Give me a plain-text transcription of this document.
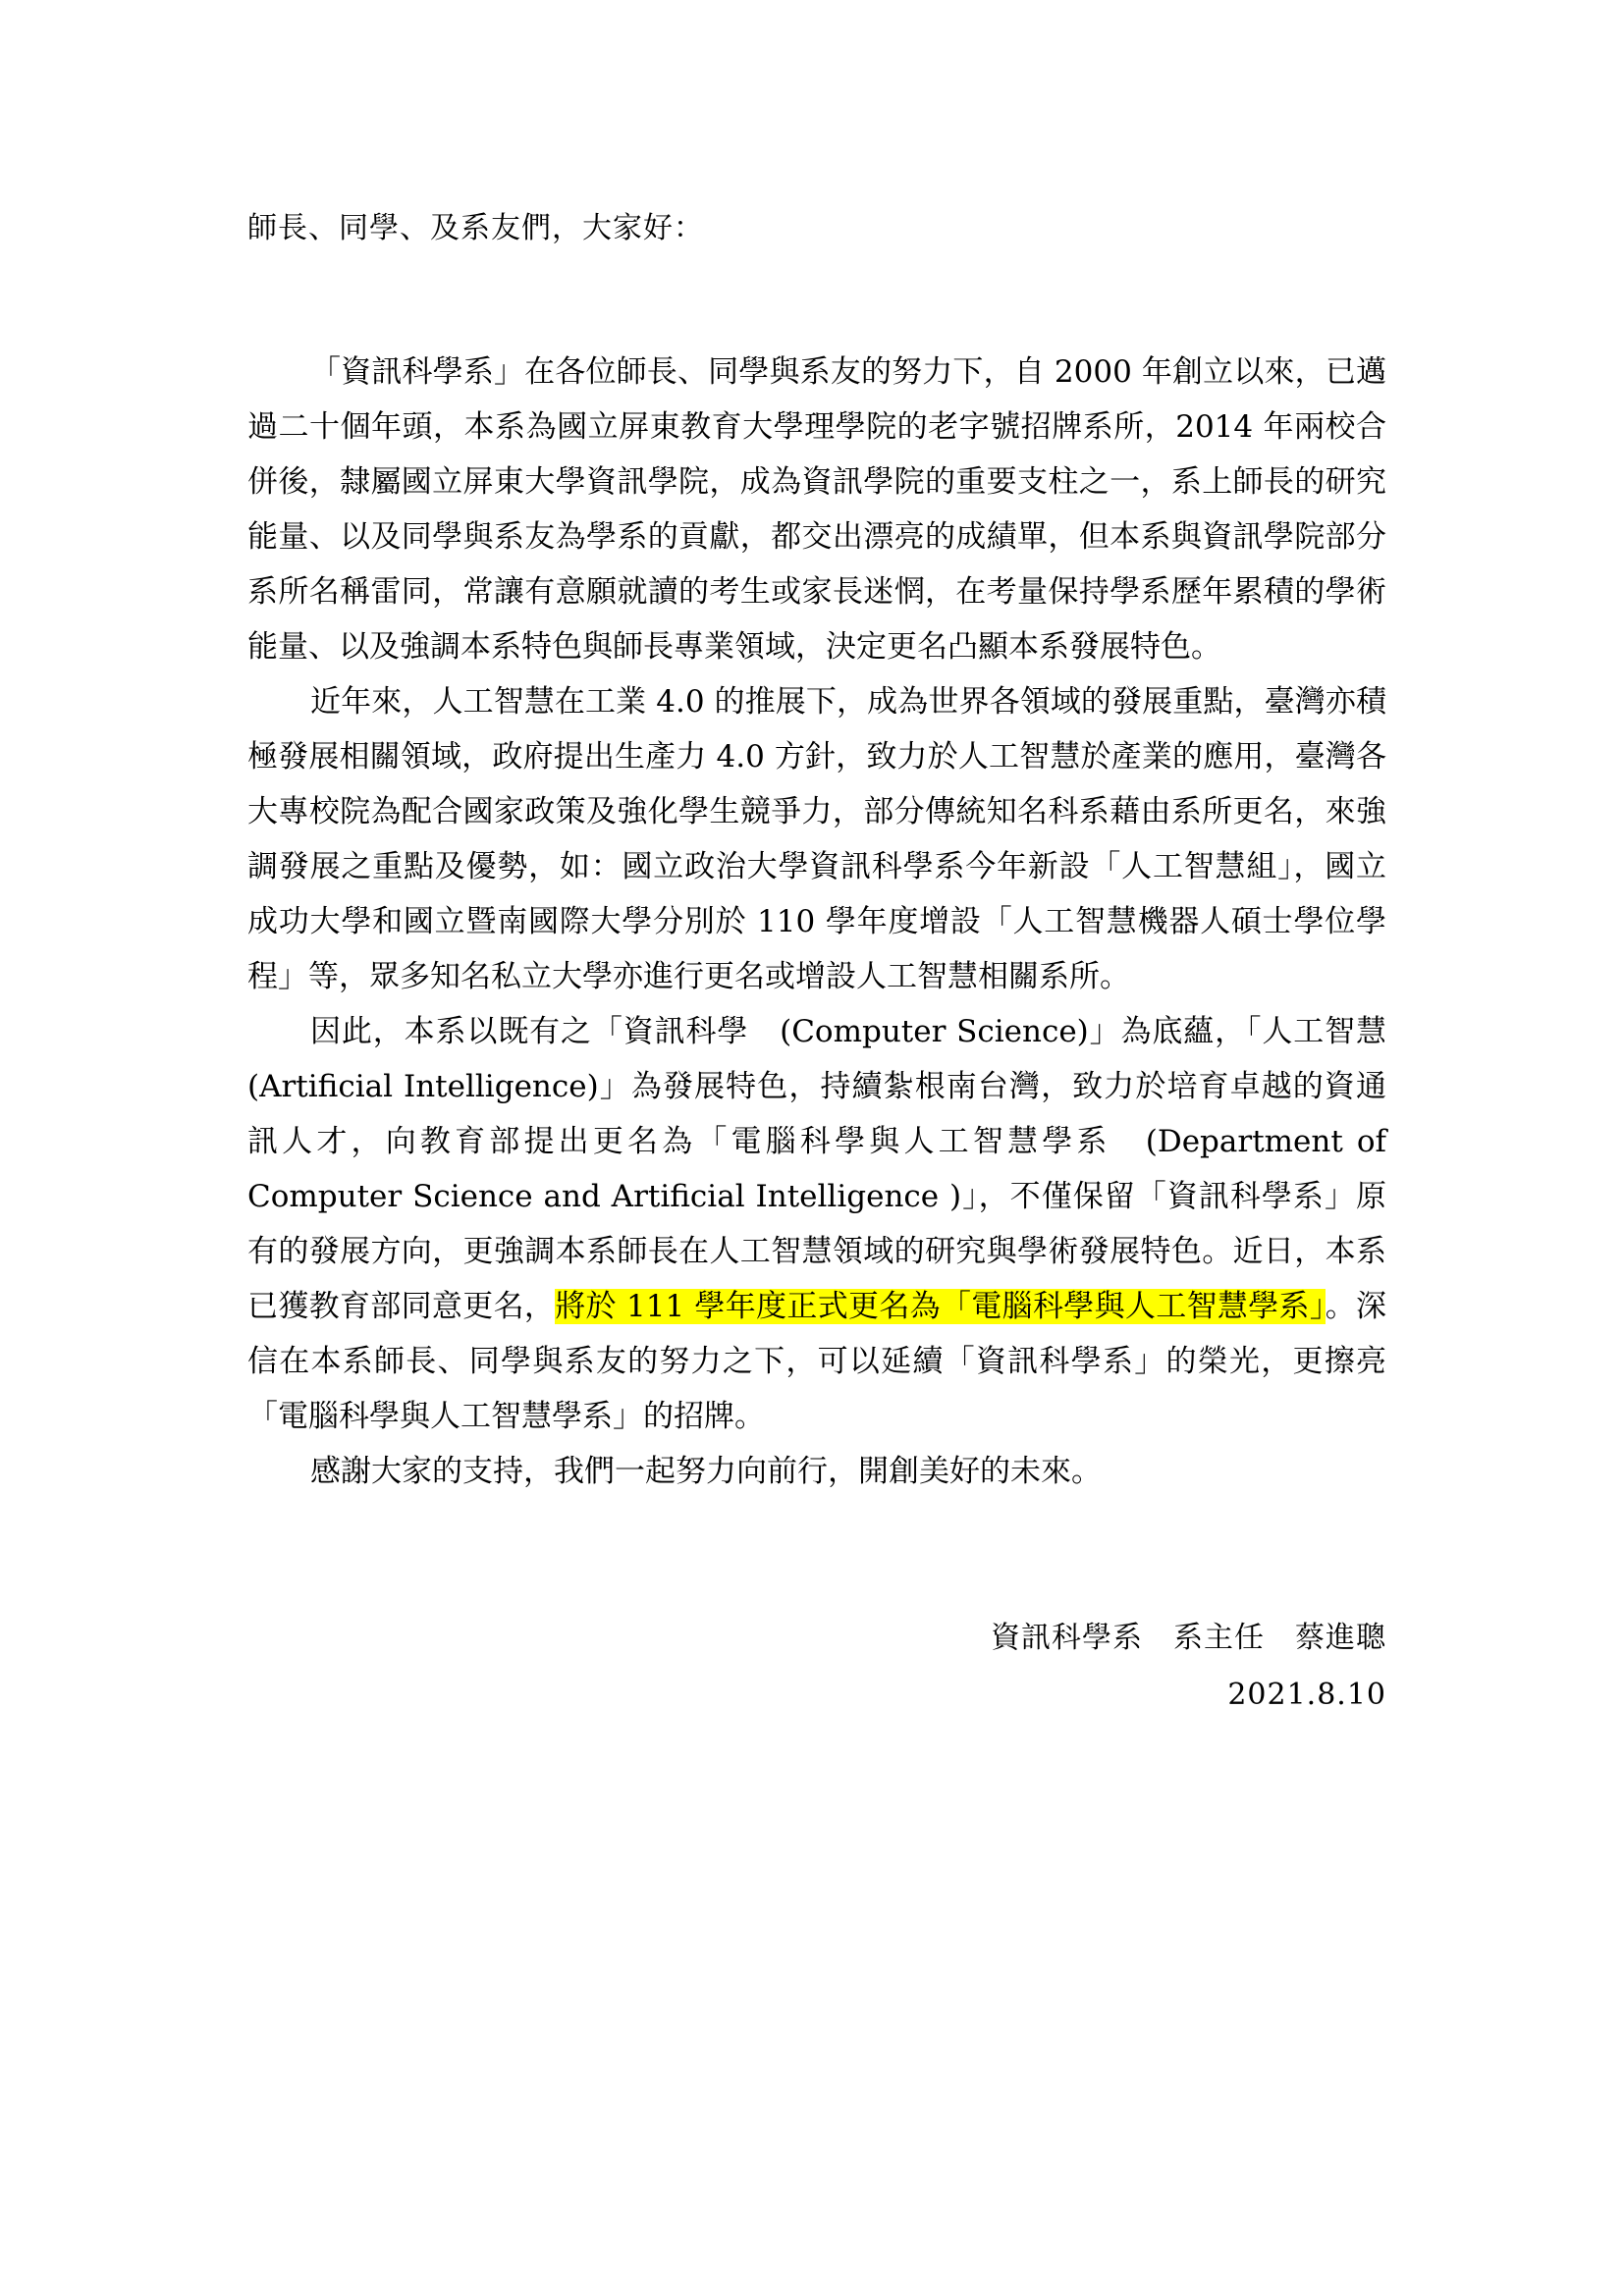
師長、同學、及系友們，大家好：

「資訊科學系」在各位師長、同學與系友的努力下，自 2000 年創立以來，已邁過二十個年頭，本系為國立屏東教育大學理學院的老字號招牌系所，2014 年兩校合併後，隸屬國立屏東大學資訊學院，成為資訊學院的重要支柱之一，系上師長的研究能量、以及同學與系友為學系的貢獻，都交出漂亮的成績單，但本系與資訊學院部分系所名稱雷同，常讓有意願就讀的考生或家長迷惘，在考量保持學系歷年累積的學術能量、以及強調本系特色與師長專業領域，決定更名凸顯本系發展特色。

近年來，人工智慧在工業 4.0 的推展下，成為世界各領域的發展重點，臺灣亦積極發展相關領域，政府提出生產力 4.0 方針，致力於人工智慧於產業的應用，臺灣各大專校院為配合國家政策及強化學生競爭力，部分傳統知名科系藉由系所更名，來強調發展之重點及優勢，如：國立政治大學資訊科學系今年新設「人工智慧組」，國立成功大學和國立暨南國際大學分別於 110 學年度增設「人工智慧機器人碩士學位學程」等，眾多知名私立大學亦進行更名或增設人工智慧相關系所。

因此，本系以既有之「資訊科學　(Computer Science)」為底蘊，「人工智慧 (Artificial Intelligence)」為發展特色，持續紮根南台灣，致力於培育卓越的資通訊人才，向教育部提出更名為「電腦科學與人工智慧學系　(Department of Computer Science and Artificial Intelligence )」，不僅保留「資訊科學系」原有的發展方向，更強調本系師長在人工智慧領域的研究與學術發展特色。近日，本系已獲教育部同意更名，將於 111 學年度正式更名為「電腦科學與人工智慧學系」。深信在本系師長、同學與系友的努力之下，可以延續「資訊科學系」的榮光，更擦亮「電腦科學與人工智慧學系」的招牌。

感謝大家的支持，我們一起努力向前行，開創美好的未來。

資訊科學系　系主任　蔡進聰
2021.8.10
